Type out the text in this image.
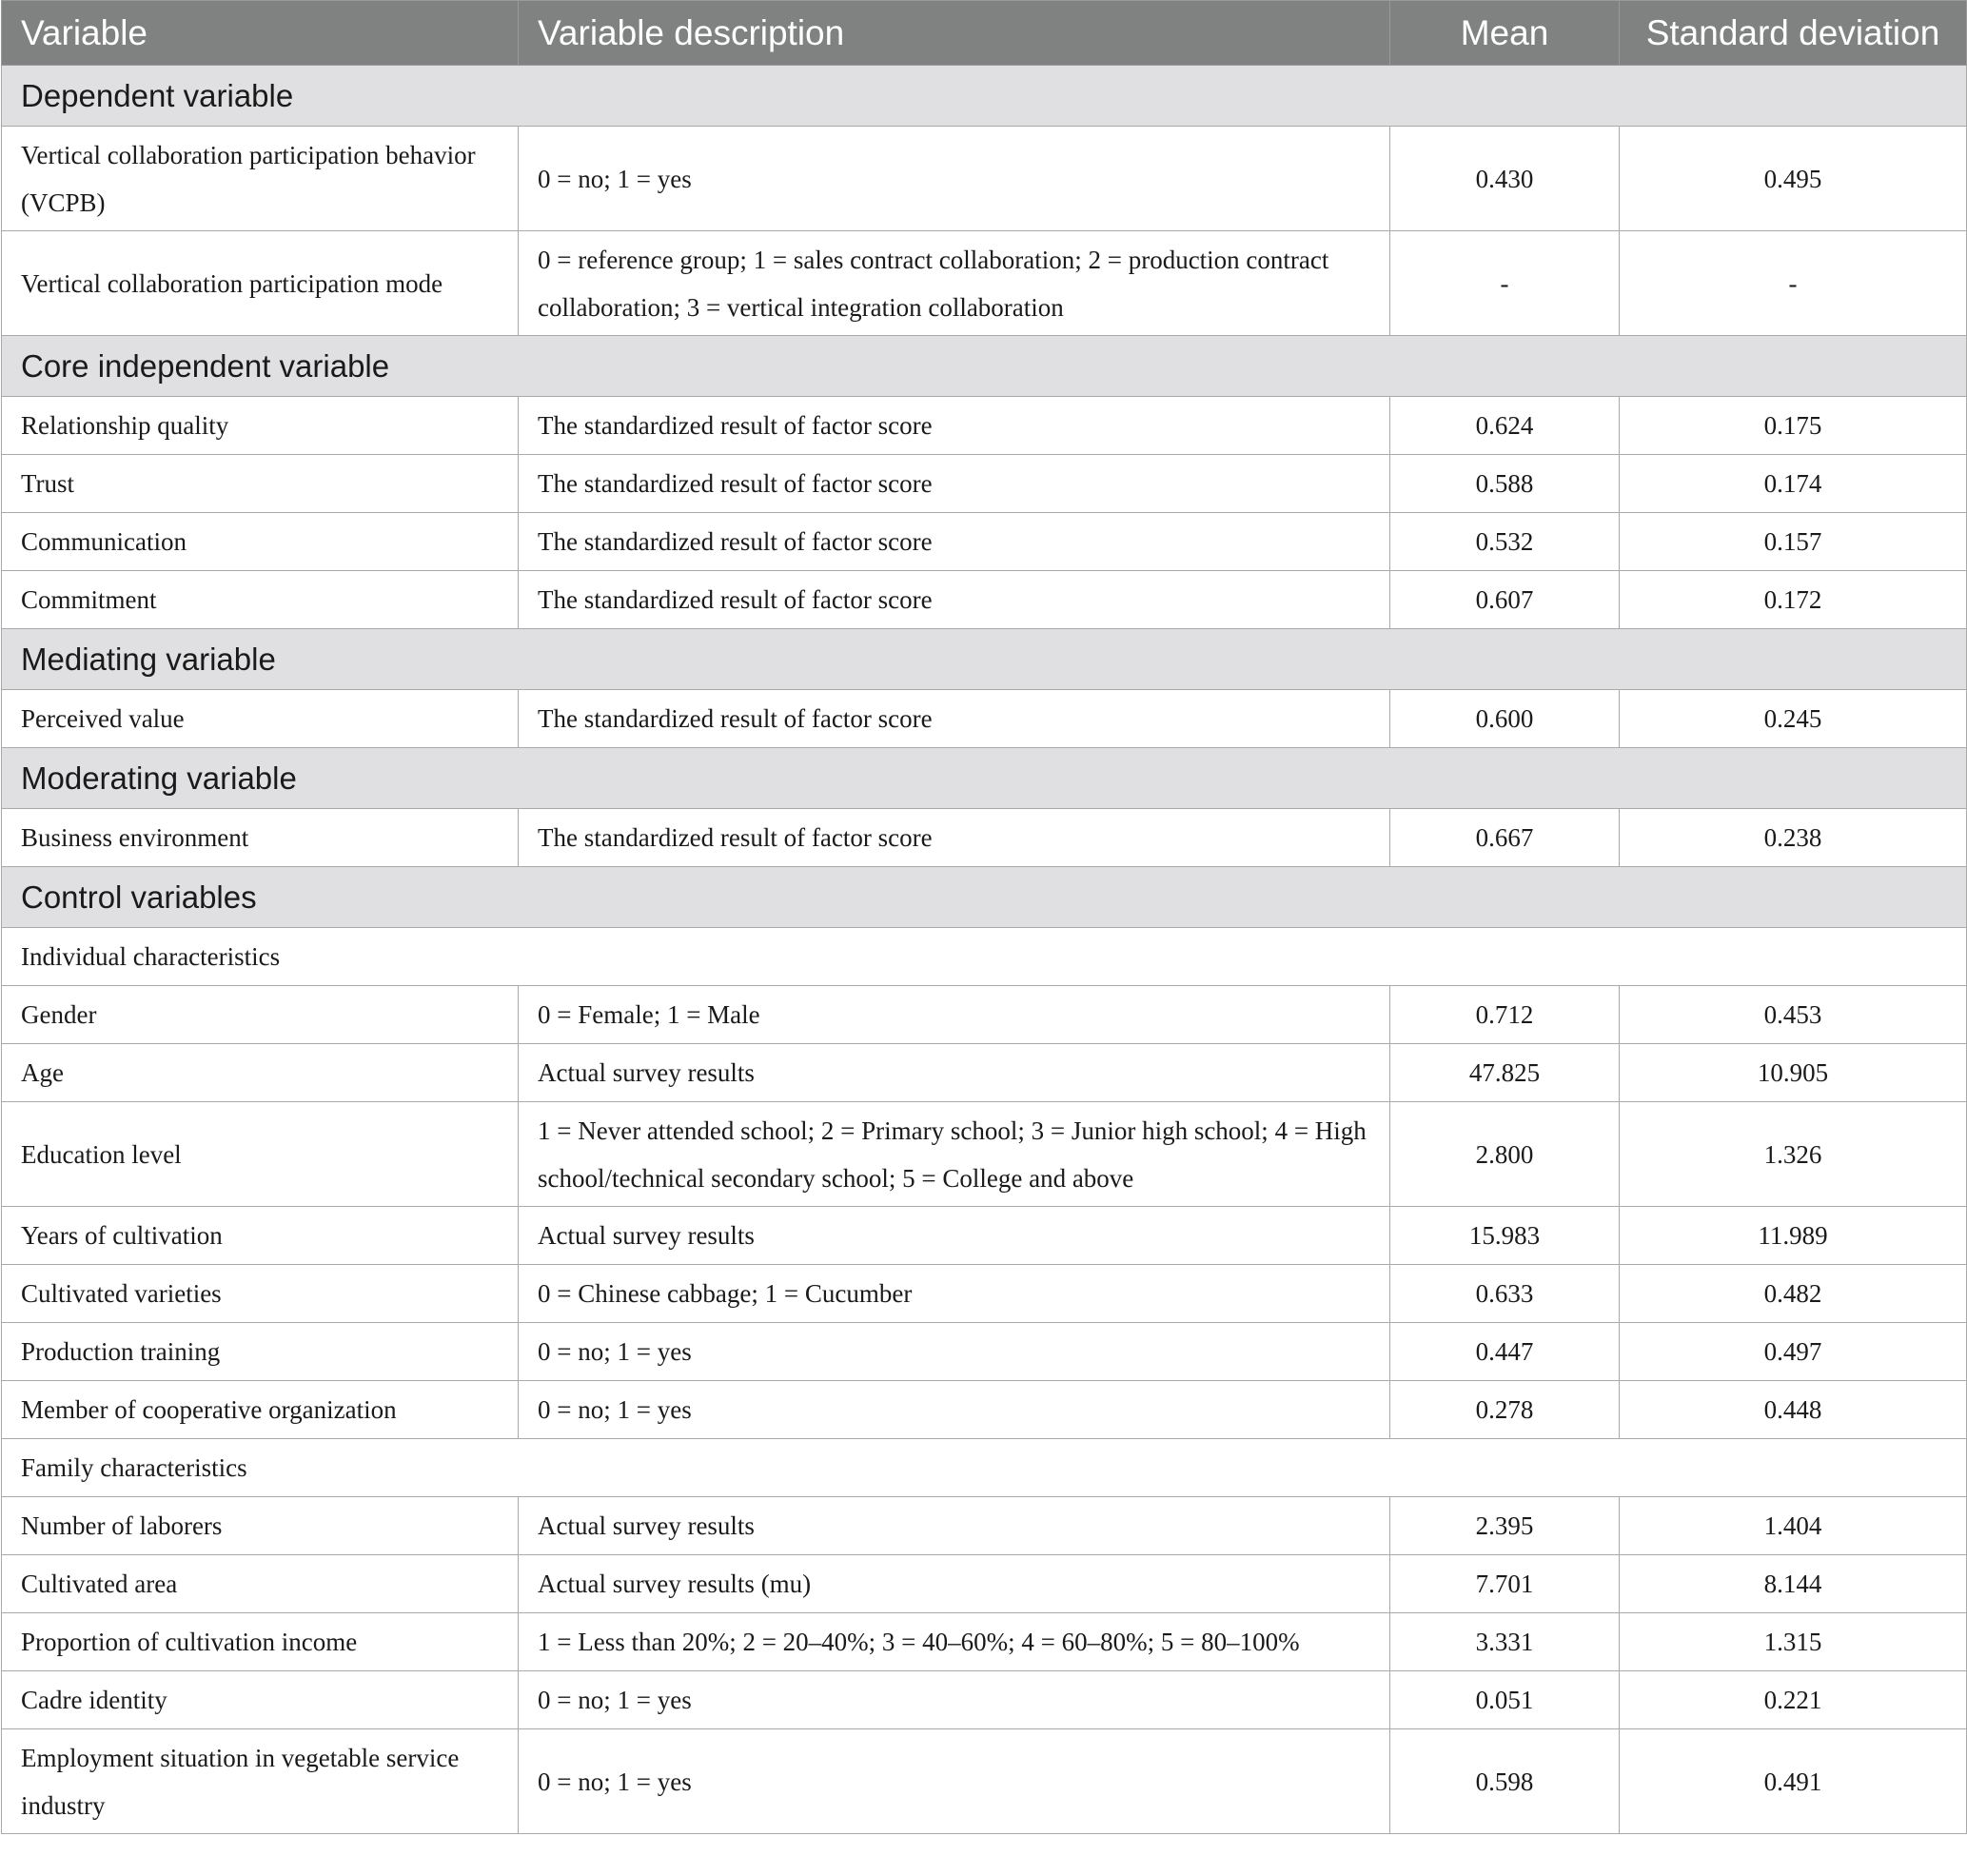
Variable	Variable description	Mean	Standard deviation
Dependent variable			
Vertical collaboration participation behavior (VCPB)	0 = no; 1 = yes	0.430	0.495
Vertical collaboration participation mode	0 = reference group; 1 = sales contract collaboration; 2 = production contract collaboration; 3 = vertical integration collaboration	-	-
Core independent variable			
Relationship quality	The standardized result of factor score	0.624	0.175
Trust	The standardized result of factor score	0.588	0.174
Communication	The standardized result of factor score	0.532	0.157
Commitment	The standardized result of factor score	0.607	0.172
Mediating variable			
Perceived value	The standardized result of factor score	0.600	0.245
Moderating variable			
Business environment	The standardized result of factor score	0.667	0.238
Control variables			
Individual characteristics			
Gender	0 = Female; 1 = Male	0.712	0.453
Age	Actual survey results	47.825	10.905
Education level	1 = Never attended school; 2 = Primary school; 3 = Junior high school; 4 = High school/technical secondary school; 5 = College and above	2.800	1.326
Years of cultivation	Actual survey results	15.983	11.989
Cultivated varieties	0 = Chinese cabbage; 1 = Cucumber	0.633	0.482
Production training	0 = no; 1 = yes	0.447	0.497
Member of cooperative organization	0 = no; 1 = yes	0.278	0.448
Family characteristics			
Number of laborers	Actual survey results	2.395	1.404
Cultivated area	Actual survey results (mu)	7.701	8.144
Proportion of cultivation income	1 = Less than 20%; 2 = 20–40%; 3 = 40–60%; 4 = 60–80%; 5 = 80–100%	3.331	1.315
Cadre identity	0 = no; 1 = yes	0.051	0.221
Employment situation in vegetable service industry	0 = no; 1 = yes	0.598	0.491
